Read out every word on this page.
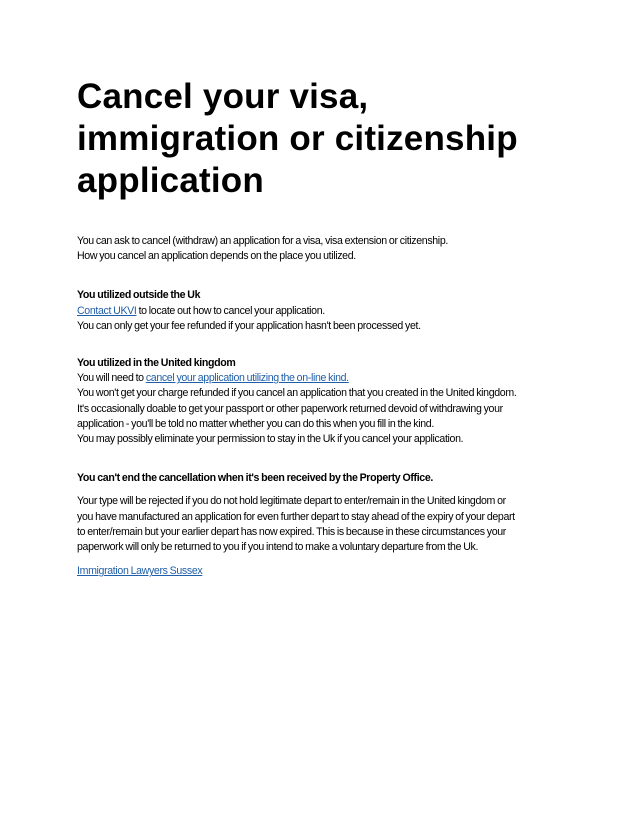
Cancel your visa,
immigration or citizenship
application
You can ask to cancel (withdraw) an application for a visa, visa extension or citizenship.
How you cancel an application depends on the place you utilized.
You utilized outside the Uk
Contact UKVI to locate out how to cancel your application.
You can only get your fee refunded if your application hasn't been processed yet.
You utilized in the United kingdom
You will need to cancel your application utilizing the on-line kind.
You won't get your charge refunded if you cancel an application that you created in the United kingdom.
It's occasionally doable to get your passport or other paperwork returned devoid of withdrawing your
application - you'll be told no matter whether you can do this when you fill in the kind.
You may possibly eliminate your permission to stay in the Uk if you cancel your application.
You can't end the cancellation when it's been received by the Property Office.
Your type will be rejected if you do not hold legitimate depart to enter/remain in the United kingdom or
you have manufactured an application for even further depart to stay ahead of the expiry of your depart
to enter/remain but your earlier depart has now expired. This is because in these circumstances your
paperwork will only be returned to you if you intend to make a voluntary departure from the Uk.
Immigration Lawyers Sussex
